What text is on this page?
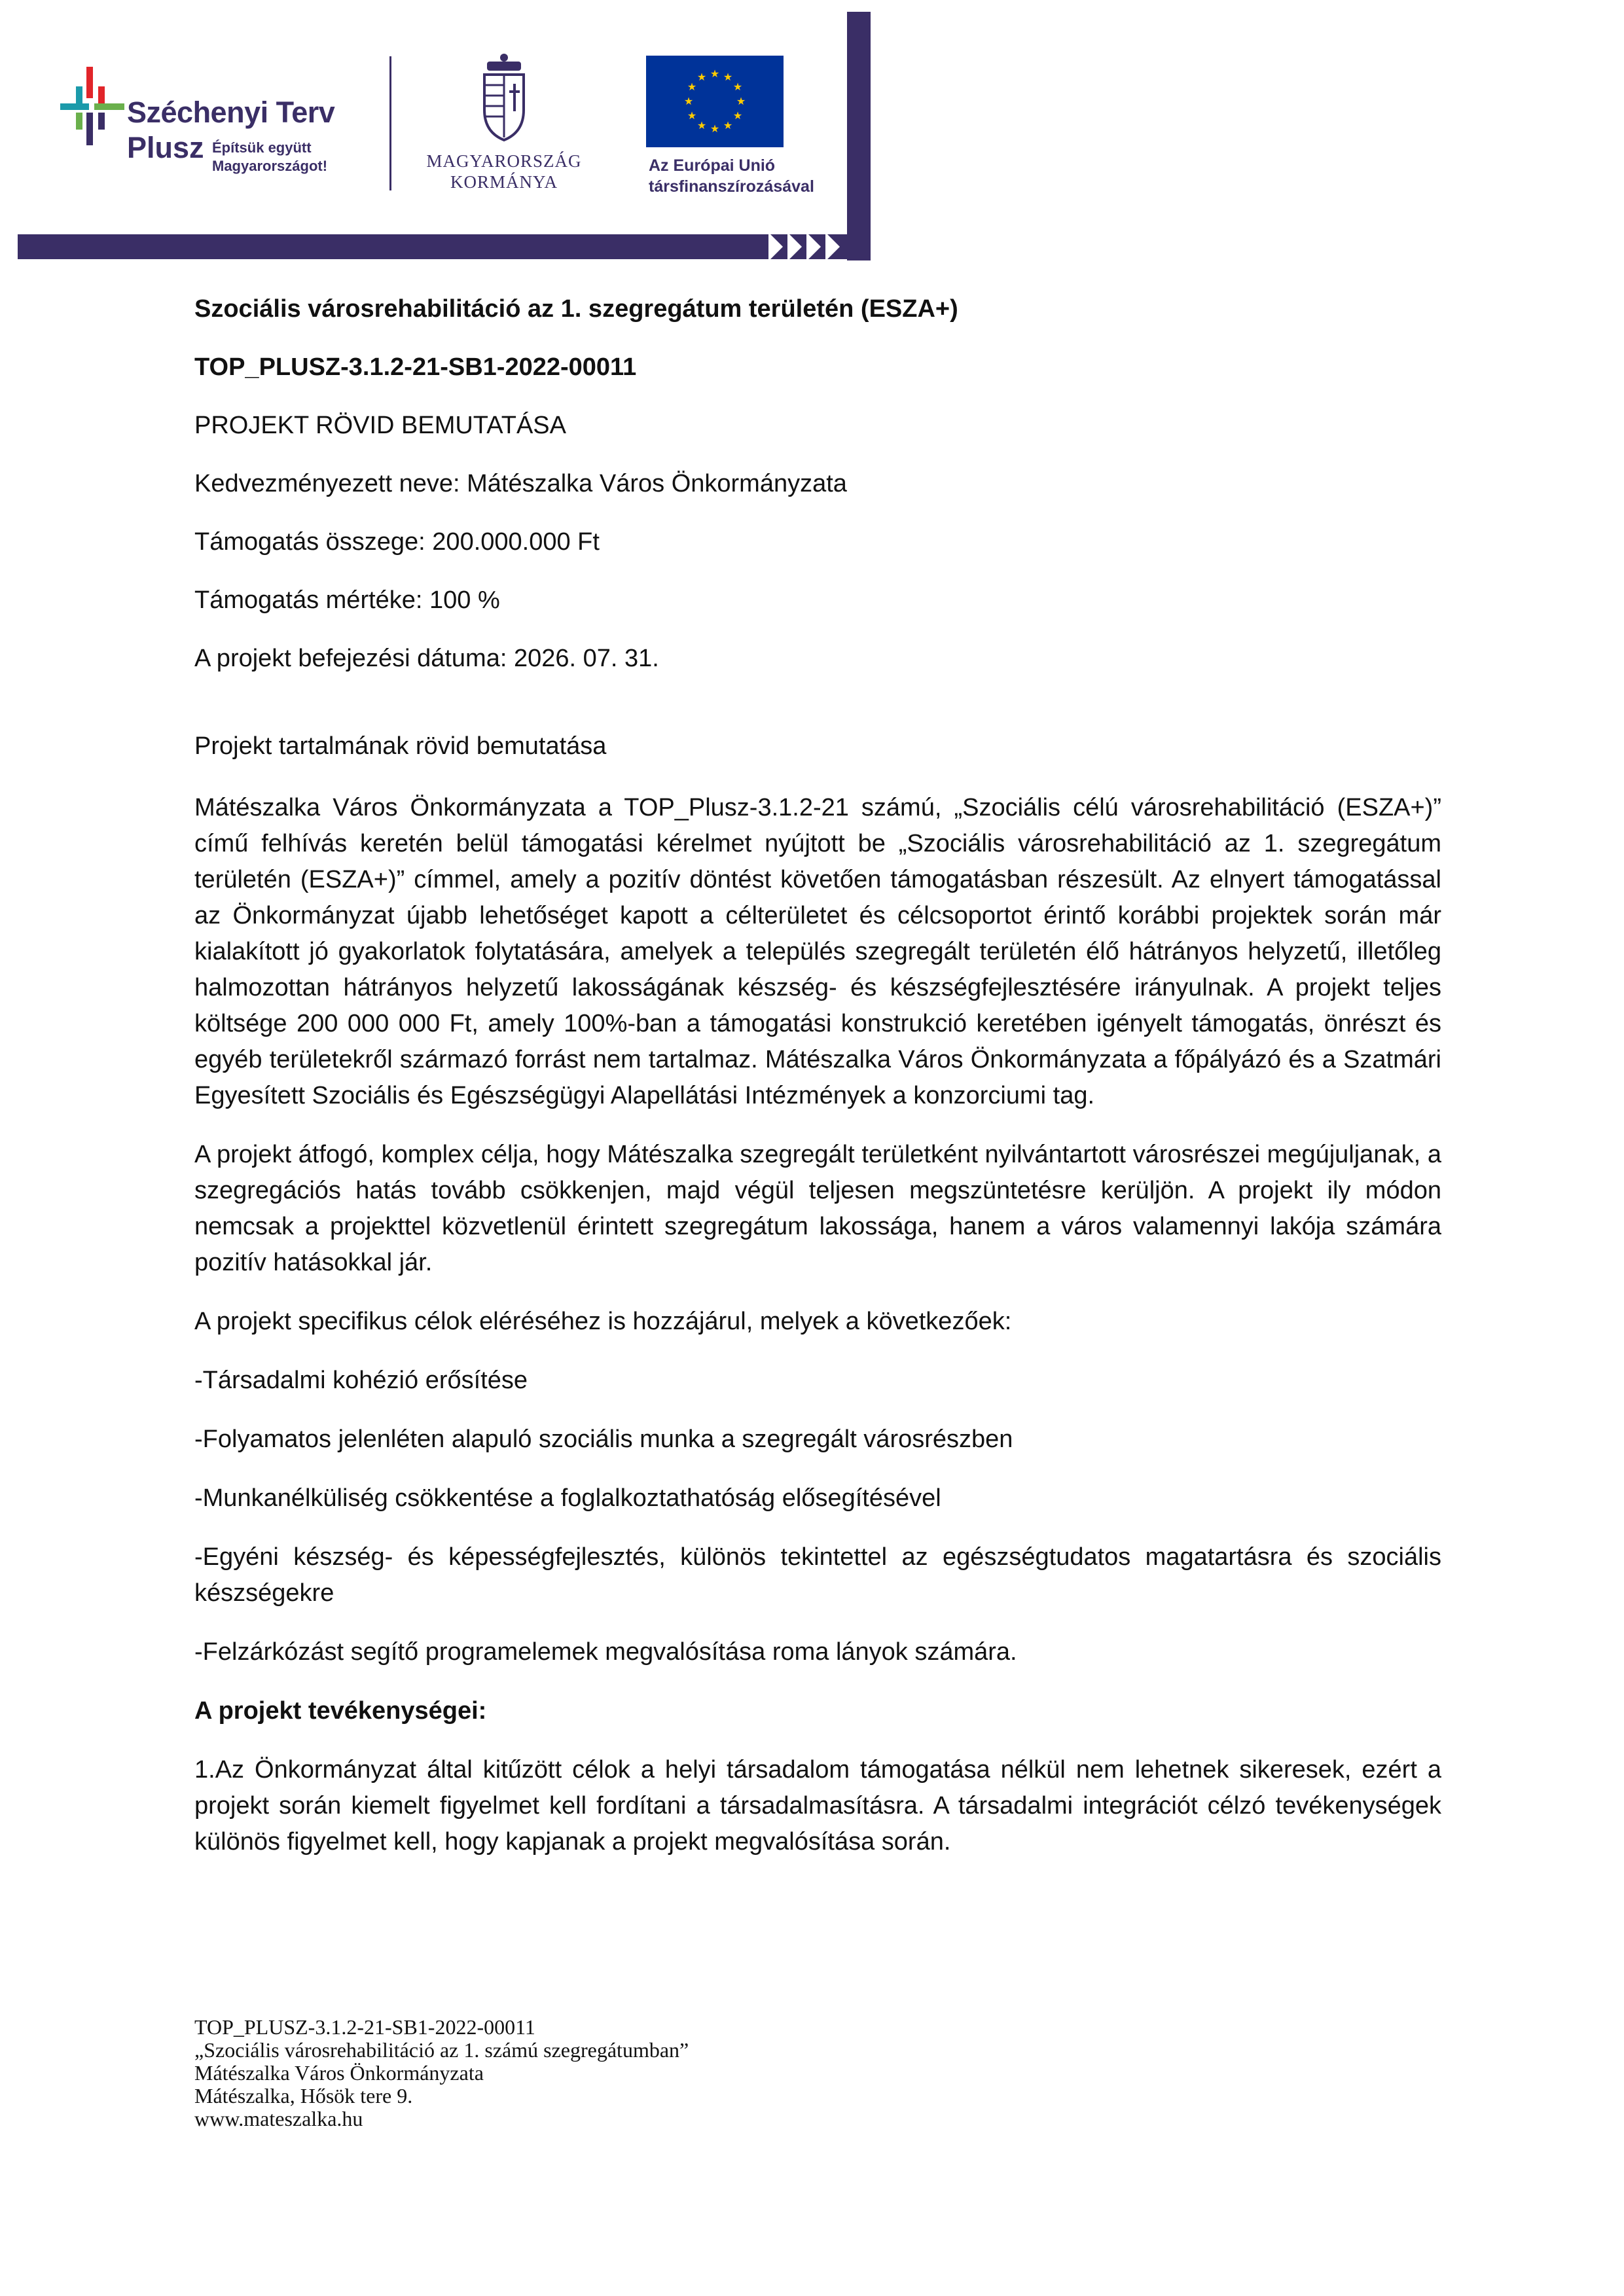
Széchenyi Terv
Plusz Építsük együtt
Magyarországot!	MAGYARORSZÁG
KORMÁNYA
★ ★
★
★
★
★
★
★
★
★
★
★
Az Európai Unió
társfinanszírozásával

Szociális városrehabilitáció az 1. szegregátum területén (ESZA+)

TOP_PLUSZ-3.1.2-21-SB1-2022-00011

PROJEKT RÖVID BEMUTATÁSA

Kedvezményezett neve: Mátészalka Város Önkormányzata

Támogatás összege: 200.000.000 Ft

Támogatás mértéke: 100 %

A projekt befejezési dátuma: 2026. 07. 31.

Projekt tartalmának rövid bemutatása

Mátészalka Város Önkormányzata a TOP_Plusz-3.1.2-21 számú, „Szociális célú városrehabilitáció (ESZA+)” című felhívás keretén belül támogatási kérelmet nyújtott be „Szociális városrehabilitáció az 1. szegregátum területén (ESZA+)” címmel, amely a pozitív döntést követően támogatásban részesült. Az elnyert támogatással az Önkormányzat újabb lehetőséget kapott a célterületet és célcsoportot érintő korábbi projektek során már kialakított jó gyakorlatok folytatására, amelyek a település szegregált területén élő hátrányos helyzetű, illetőleg halmozottan hátrányos helyzetű lakosságának készség- és készségfejlesztésére irányulnak. A projekt teljes költsége 200 000 000 Ft, amely 100%-ban a támogatási konstrukció keretében igényelt támogatás, önrészt és egyéb területekről származó forrást nem tartalmaz. Mátészalka Város Önkormányzata a főpályázó és a Szatmári Egyesített Szociális és Egészségügyi Alapellátási Intézmények a konzorciumi tag.

A projekt átfogó, komplex célja, hogy Mátészalka szegregált területként nyilvántartott városrészei megújuljanak, a szegregációs hatás tovább csökkenjen, majd végül teljesen megszüntetésre kerüljön. A projekt ily módon nemcsak a projekttel közvetlenül érintett szegregátum lakossága, hanem a város valamennyi lakója számára pozitív hatásokkal jár.

A projekt specifikus célok eléréséhez is hozzájárul, melyek a következőek:

-Társadalmi kohézió erősítése

-Folyamatos jelenléten alapuló szociális munka a szegregált városrészben

-Munkanélküliség csökkentése a foglalkoztathatóság elősegítésével

-Egyéni készség- és képességfejlesztés, különös tekintettel az egészségtudatos magatartásra és szociális készségekre

-Felzárkózást segítő programelemek megvalósítása roma lányok számára.

A projekt tevékenységei:

1.Az Önkormányzat által kitűzött célok a helyi társadalom támogatása nélkül nem lehetnek sikeresek, ezért a projekt során kiemelt figyelmet kell fordítani a társadalmasításra. A társadalmi integrációt célzó tevékenységek különös figyelmet kell, hogy kapjanak a projekt megvalósítása során.

TOP_PLUSZ-3.1.2-21-SB1-2022-00011
„Szociális városrehabilitáció az 1. számú szegregátumban”
Mátészalka Város Önkormányzata
Mátészalka, Hősök tere 9.
www.mateszalka.hu
